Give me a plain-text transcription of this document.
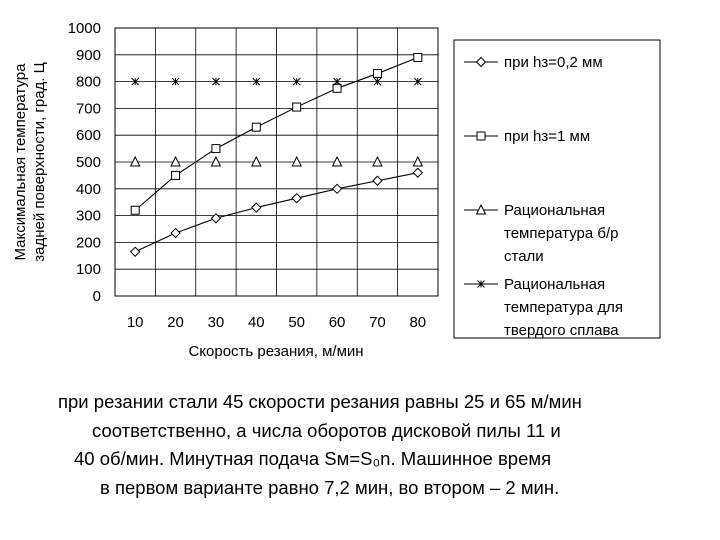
Максимальная температура задней поверхности, град. Ц
0
100
200
300
400
500
600
700
800
900
1000
10 20 30 40 50 60 70 80
Скорость резания, м/мин
при hз=0,2 мм
при hз=1 мм
Рациональная
температура б/р
стали
Рациональная
температура для
твердого сплава
при резании стали 45 скорости резания равны 25 и 65 м/мин
соответственно, а числа оборотов дисковой пилы 11 и
40 об/мин. Минутная подача Sм=S₀n. Машинное время
в первом варианте равно 7,2 мин, во втором – 2 мин.
